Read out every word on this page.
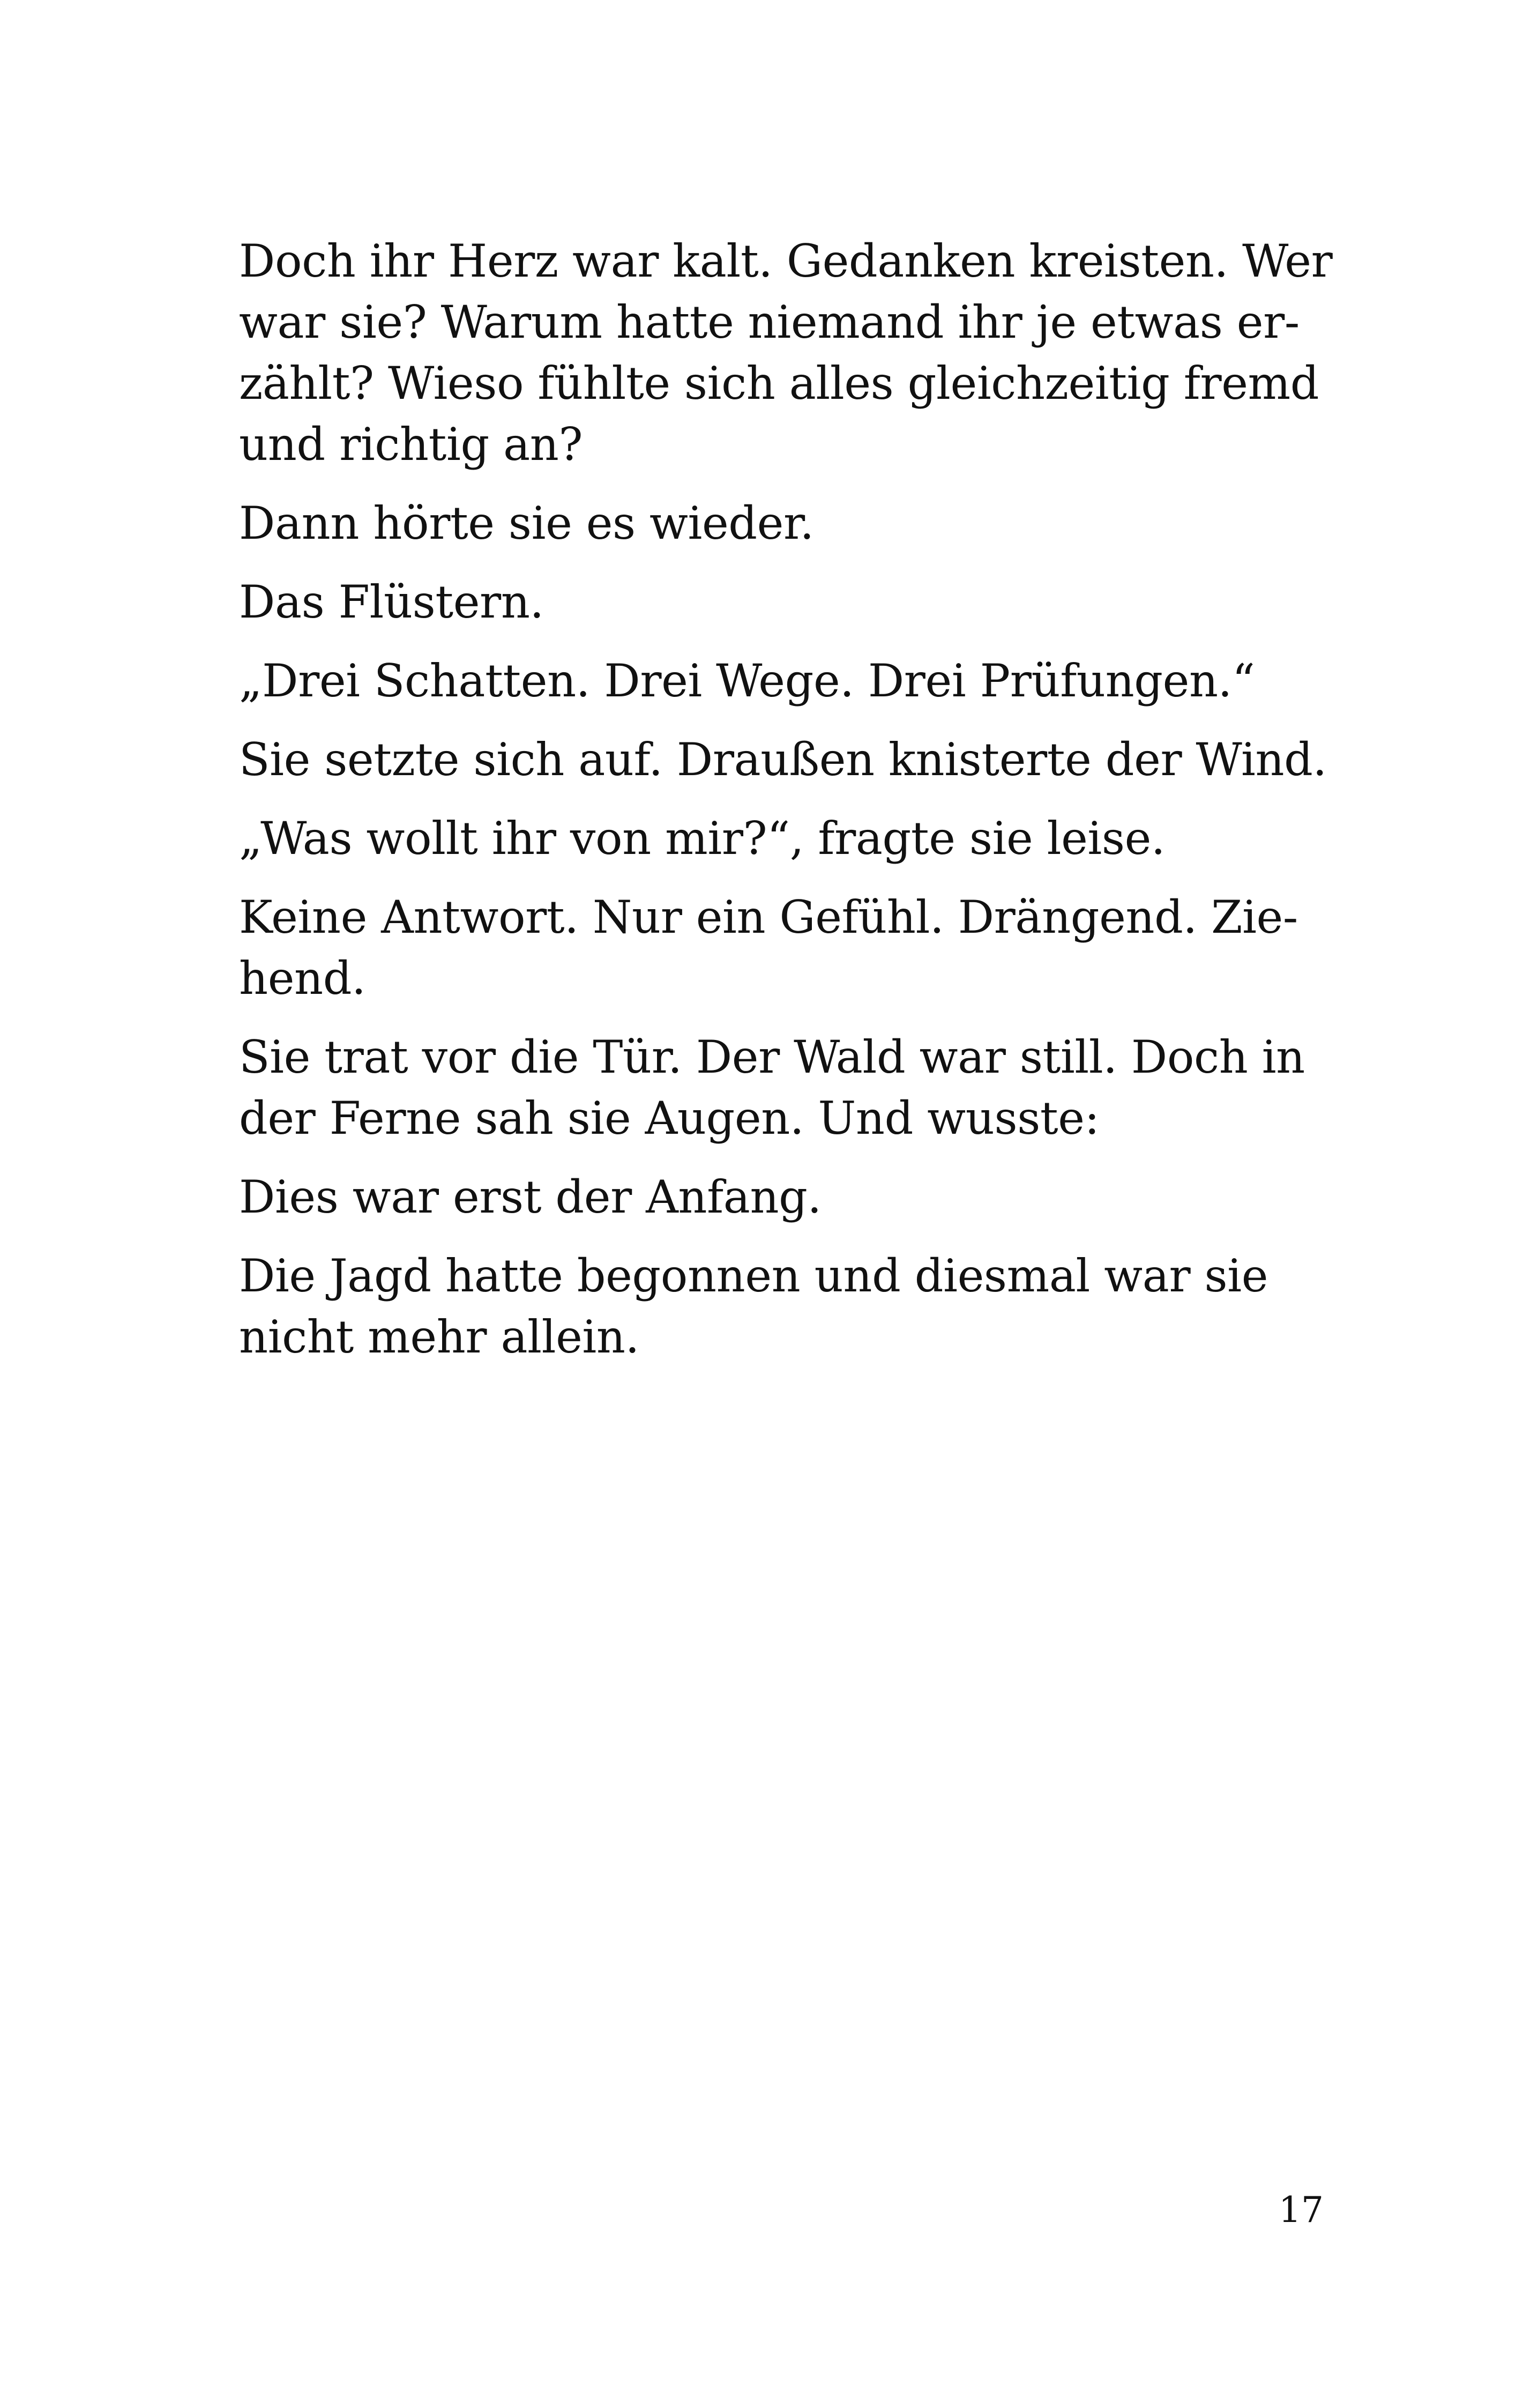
Doch ihr Herz war kalt. Gedanken kreisten. Wer
war sie? Warum hatte niemand ihr je etwas er-
zählt? Wieso fühlte sich alles gleichzeitig fremd
und richtig an?

Dann hörte sie es wieder.

Das Flüstern.

„Drei Schatten. Drei Wege. Drei Prüfungen.“

Sie setzte sich auf. Draußen knisterte der Wind.

„Was wollt ihr von mir?“, fragte sie leise.

Keine Antwort. Nur ein Gefühl. Drängend. Zie-
hend.

Sie trat vor die Tür. Der Wald war still. Doch in
der Ferne sah sie Augen. Und wusste:

Dies war erst der Anfang.

Die Jagd hatte begonnen und diesmal war sie
nicht mehr allein.

17
